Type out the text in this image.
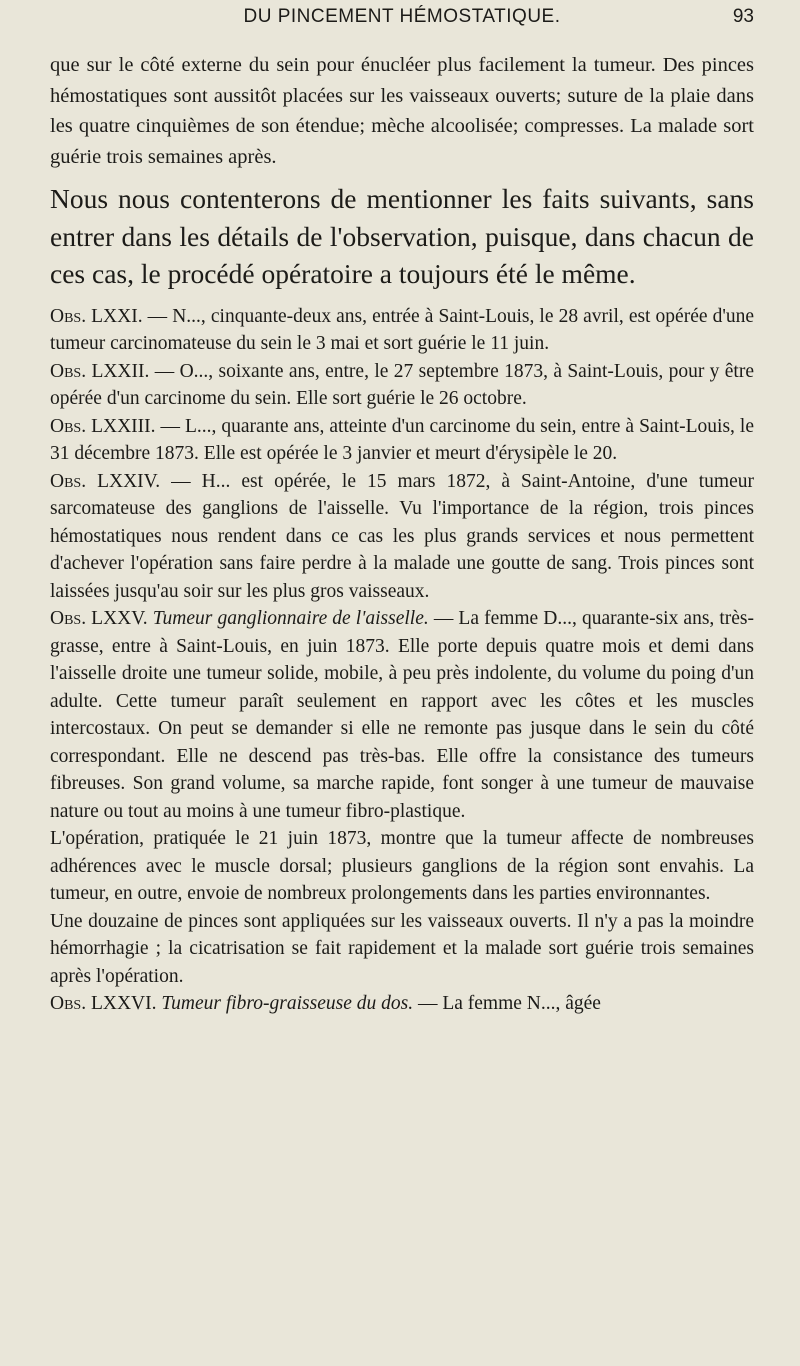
DU PINCEMENT HÉMOSTATIQUE.	93

que sur le côté externe du sein pour énucléer plus facilement la tumeur. Des pinces hémostatiques sont aussitôt placées sur les vaisseaux ouverts; suture de la plaie dans les quatre cinquièmes de son étendue; mèche alcoolisée; compresses. La malade sort guérie trois semaines après.

Nous nous contenterons de mentionner les faits suivants, sans entrer dans les détails de l'observation, puisque, dans chacun de ces cas, le procédé opératoire a toujours été le même.

Obs. LXXI. — N..., cinquante-deux ans, entrée à Saint-Louis, le 28 avril, est opérée d'une tumeur carcinomateuse du sein le 3 mai et sort guérie le 11 juin.

Obs. LXXII. — O..., soixante ans, entre, le 27 septembre 1873, à Saint-Louis, pour y être opérée d'un carcinome du sein. Elle sort guérie le 26 octobre.

Obs. LXXIII. — L..., quarante ans, atteinte d'un carcinome du sein, entre à Saint-Louis, le 31 décembre 1873. Elle est opérée le 3 janvier et meurt d'érysipèle le 20.

Obs. LXXIV. — H... est opérée, le 15 mars 1872, à Saint-Antoine, d'une tumeur sarcomateuse des ganglions de l'aisselle. Vu l'importance de la région, trois pinces hémostatiques nous rendent dans ce cas les plus grands services et nous permettent d'achever l'opération sans faire perdre à la malade une goutte de sang. Trois pinces sont laissées jusqu'au soir sur les plus gros vaisseaux.

Obs. LXXV. Tumeur ganglionnaire de l'aisselle. — La femme D..., quarante-six ans, très-grasse, entre à Saint-Louis, en juin 1873. Elle porte depuis quatre mois et demi dans l'aisselle droite une tumeur solide, mobile, à peu près indolente, du volume du poing d'un adulte. Cette tumeur paraît seulement en rapport avec les côtes et les muscles intercostaux. On peut se demander si elle ne remonte pas jusque dans le sein du côté correspondant. Elle ne descend pas très-bas. Elle offre la consistance des tumeurs fibreuses. Son grand volume, sa marche rapide, font songer à une tumeur de mauvaise nature ou tout au moins à une tumeur fibro-plastique.

L'opération, pratiquée le 21 juin 1873, montre que la tumeur affecte de nombreuses adhérences avec le muscle dorsal; plusieurs ganglions de la région sont envahis. La tumeur, en outre, envoie de nombreux prolongements dans les parties environnantes.

Une douzaine de pinces sont appliquées sur les vaisseaux ouverts. Il n'y a pas la moindre hémorrhagie ; la cicatrisation se fait rapidement et la malade sort guérie trois semaines après l'opération.

Obs. LXXVI. Tumeur fibro-graisseuse du dos. — La femme N..., âgée
